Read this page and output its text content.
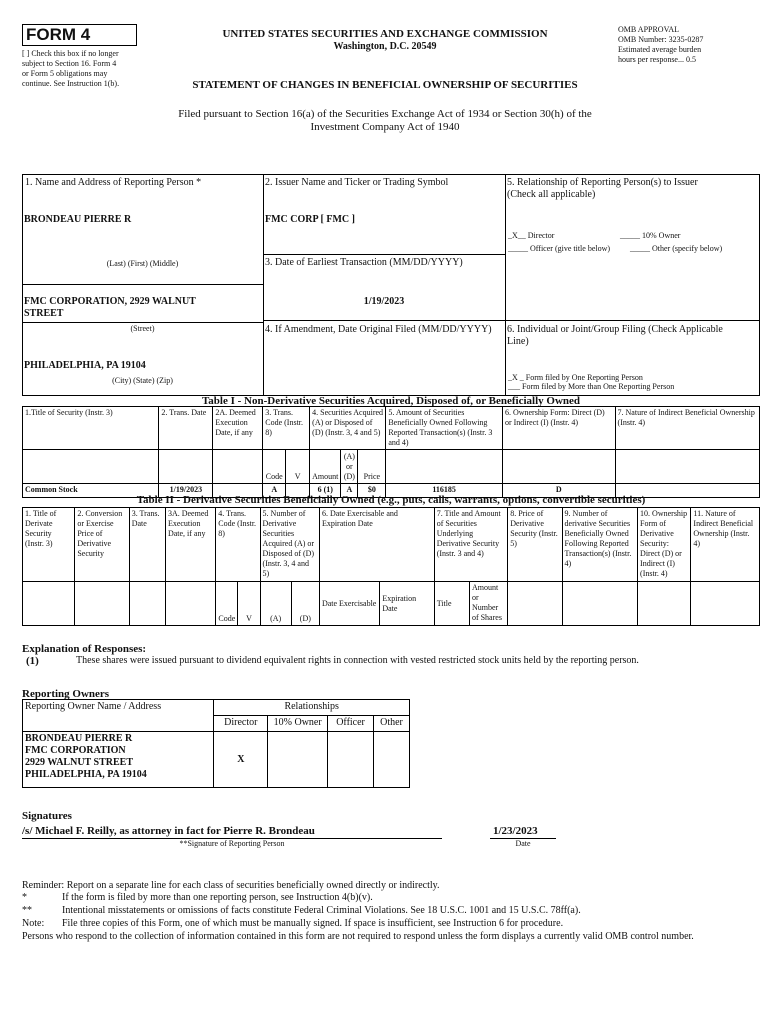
FORM 4
[ ] Check this box if no longer
subject to Section 16. Form 4
or Form 5 obligations may
continue. See Instruction 1(b).
UNITED STATES SECURITIES AND EXCHANGE COMMISSION
Washington, D.C. 20549
OMB APPROVAL
OMB Number: 3235-0287
Estimated average burden
hours per response... 0.5
STATEMENT OF CHANGES IN BENEFICIAL OWNERSHIP OF SECURITIES
Filed pursuant to Section 16(a) of the Securities Exchange Act of 1934 or Section 30(h) of the
Investment Company Act of 1940
1. Name and Address of Reporting Person *
BRONDEAU PIERRE R
(Last) (First) (Middle)
FMC CORPORATION, 2929 WALNUT
STREET
(Street)
PHILADELPHIA, PA 19104
(City) (State) (Zip)
2. Issuer Name and Ticker or Trading Symbol
FMC CORP [ FMC ]
3. Date of Earliest Transaction (MM/DD/YYYY)
1/19/2023
4. If Amendment, Date Original Filed (MM/DD/YYYY)
5. Relationship of Reporting Person(s) to Issuer
(Check all applicable)
_X__ Director	_____ 10% Owner
_____ Officer (give title below) _____ Other (specify below)
6. Individual or Joint/Group Filing (Check Applicable
Line)
_X _ Form filed by One Reporting Person
___ Form filed by More than One Reporting Person
Table I - Non-Derivative Securities Acquired, Disposed of, or Beneficially Owned
1.Title of Security (Instr. 3)	2. Trans. Date	2A. Deemed Execution Date, if any	3. Trans. Code (Instr. 8)		4. Securities Acquired (A) or Disposed of (D) (Instr. 3, 4 and 5)			5. Amount of Securities Beneficially Owned Following Reported Transaction(s) (Instr. 3 and 4)	6. Ownership Form: Direct (D) or Indirect (I) (Instr. 4)	7. Nature of Indirect Beneficial Ownership (Instr. 4)
			Code	V	Amount	(A) or (D)	Price			
Common Stock	1/19/2023		A		6 (1)	A	$0	116185	D	
Table II - Derivative Securities Beneficially Owned (e.g., puts, calls, warrants, options, convertible securities)
1. Title of Derivate Security (Instr. 3)	2. Conversion or Exercise Price of Derivative Security	3. Trans. Date	3A. Deemed Execution Date, if any	4. Trans. Code (Instr. 8)		5. Number of Derivative Securities Acquired (A) or Disposed of (D) (Instr. 3, 4 and 5)		6. Date Exercisable and Expiration Date		7. Title and Amount of Securities Underlying Derivative Security (Instr. 3 and 4)		8. Price of Derivative Security (Instr. 5)	9. Number of derivative Securities Beneficially Owned Following Reported Transaction(s) (Instr. 4)	10. Ownership Form of Derivative Security: Direct (D) or Indirect (I) (Instr. 4)	11. Nature of Indirect Beneficial Ownership (Instr. 4)
				Code	V	(A)	(D)	Date Exercisable	Expiration Date	Title	Amount or Number of Shares				
Explanation of Responses:
(1)	These shares were issued pursuant to dividend equivalent rights in connection with vested restricted stock units held by the reporting person.
Reporting Owners
Reporting Owner Name / Address	Relationships			
	Director	10% Owner	Officer	Other

BRONDEAU PIERRE R
FMC CORPORATION
2929 WALNUT STREET
PHILADELPHIA, PA 19104	X			
Signatures
/s/ Michael F. Reilly, as attorney in fact for Pierre R. Brondeau
**Signature of Reporting Person
1/23/2023
Date
Reminder: Report on a separate line for each class of securities beneficially owned directly or indirectly.
*	If the form is filed by more than one reporting person, see Instruction 4(b)(v).
**	Intentional misstatements or omissions of facts constitute Federal Criminal Violations. See 18 U.S.C. 1001 and 15 U.S.C. 78ff(a).
Note: File three copies of this Form, one of which must be manually signed. If space is insufficient, see Instruction 6 for procedure.
Persons who respond to the collection of information contained in this form are not required to respond unless the form displays a currently valid OMB control number.
